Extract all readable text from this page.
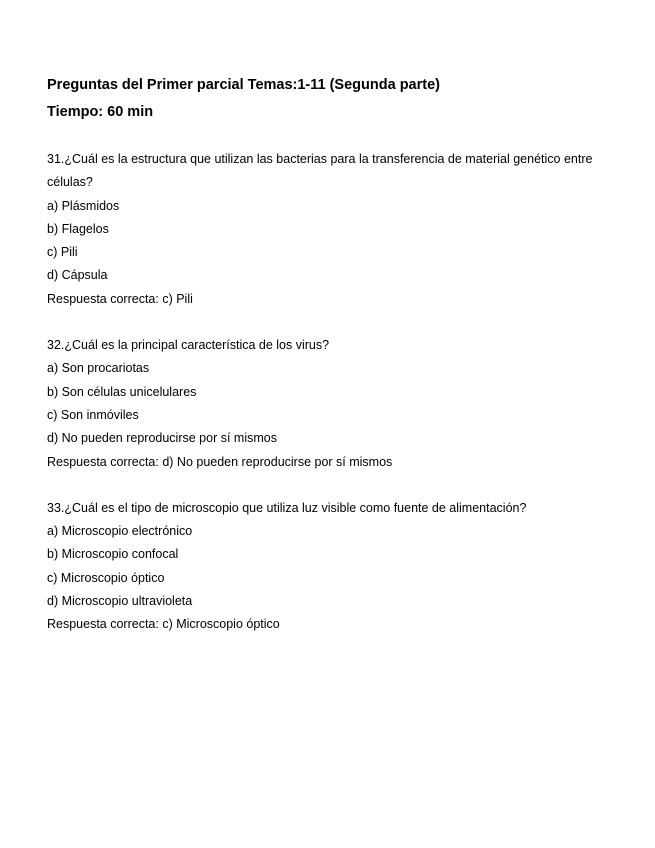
Preguntas del Primer parcial Temas:1-11 (Segunda parte)

Tiempo: 60 min

31.¿Cuál es la estructura que utilizan las bacterias para la transferencia de material genético entre células?

a) Plásmidos
b) Flagelos
c) Pili
d) Cápsula

Respuesta correcta: c) Pili

32.¿Cuál es la principal característica de los virus?

a) Son procariotas
b) Son células unicelulares
c) Son inmóviles
d) No pueden reproducirse por sí mismos

Respuesta correcta: d) No pueden reproducirse por sí mismos

33.¿Cuál es el tipo de microscopio que utiliza luz visible como fuente de alimentación?

a) Microscopio electrónico
b) Microscopio confocal
c) Microscopio óptico
d) Microscopio ultravioleta

Respuesta correcta: c) Microscopio óptico
